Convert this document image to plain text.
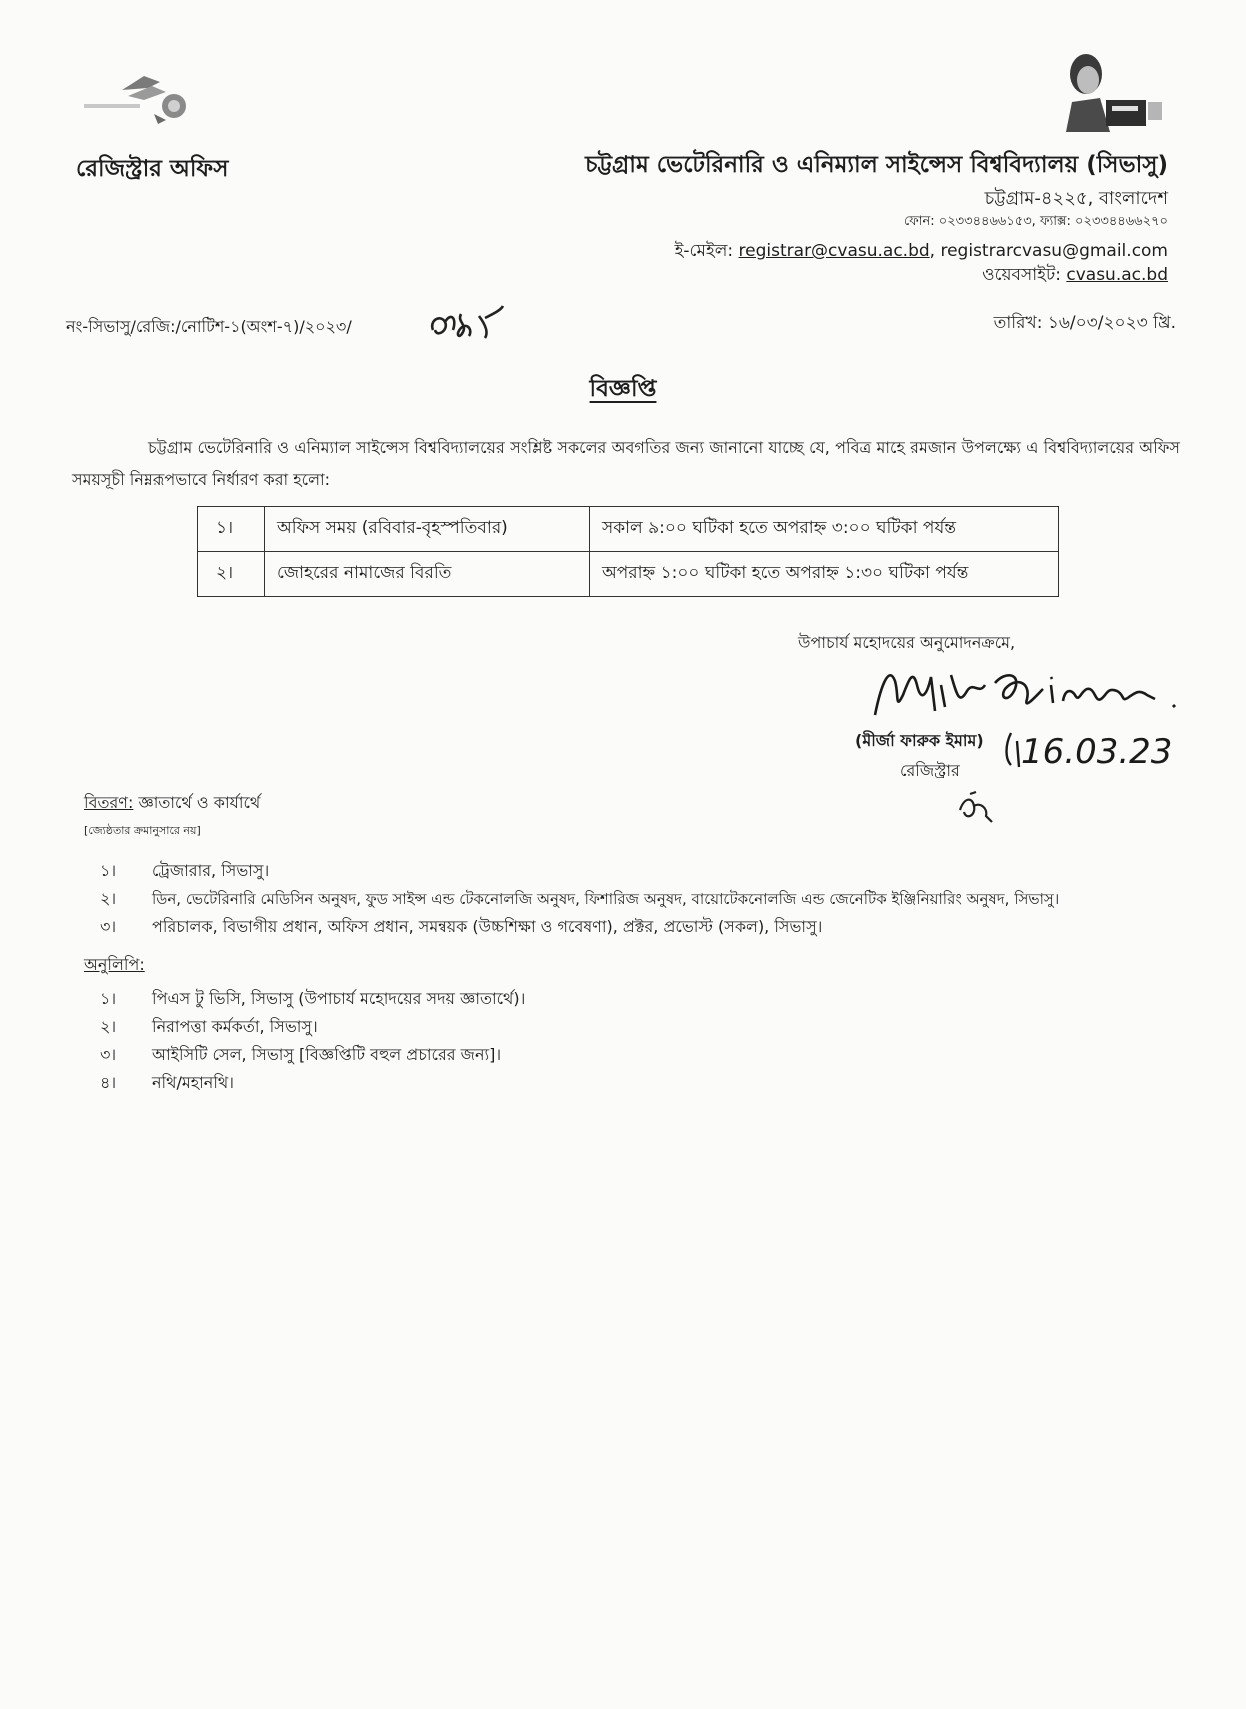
রেজিস্ট্রার অফিস	চট্টগ্রাম ভেটেরিনারি ও এনিম্যাল সাইন্সেস বিশ্ববিদ্যালয় (সিভাসু)
চট্টগ্রাম-৪২২৫, বাংলাদেশ
ফোন: ০২৩৩৪৪৬৬১৫৩, ফ্যাক্স: ০২৩৩৪৪৬৬২৭০
ই-মেইল: registrar@cvasu.ac.bd, registrarcvasu@gmail.com
ওয়েবসাইট: cvasu.ac.bd
নং-সিভাসু/রেজি:/নোটিশ-১(অংশ-৭)/২০২৩/	তারিখ: ১৬/০৩/২০২৩ খ্রি.
বিজ্ঞপ্তি
চট্টগ্রাম ভেটেরিনারি ও এনিম্যাল সাইন্সেস বিশ্ববিদ্যালয়ের সংশ্লিষ্ট সকলের অবগতির জন্য জানানো যাচ্ছে যে, পবিত্র মাহে রমজান উপলক্ষ্যে এ বিশ্ববিদ্যালয়ের অফিস সময়সূচী নিম্নরূপভাবে নির্ধারণ করা হলো:
১।	অফিস সময় (রবিবার-বৃহস্পতিবার)	সকাল ৯:০০ ঘটিকা হতে অপরাহ্ন ৩:০০ ঘটিকা পর্যন্ত
২।	জোহরের নামাজের বিরতি	অপরাহ্ন ১:০০ ঘটিকা হতে অপরাহ্ন ১:৩০ ঘটিকা পর্যন্ত
উপাচার্য মহোদয়ের অনুমোদনক্রমে,
16.03.23
(মীর্জা ফারুক ইমাম)
রেজিস্ট্রার
বিতরণ: জ্ঞাতার্থে ও কার্যার্থে
[জ্যেষ্ঠতার ক্রমানুসারে নয়]
১। ট্রেজারার, সিভাসু।
২। ডিন, ভেটেরিনারি মেডিসিন অনুষদ, ফুড সাইন্স এন্ড টেকনোলজি অনুষদ, ফিশারিজ অনুষদ, বায়োটেকনোলজি এন্ড জেনেটিক ইঞ্জিনিয়ারিং অনুষদ, সিভাসু।
৩। পরিচালক, বিভাগীয় প্রধান, অফিস প্রধান, সমন্বয়ক (উচ্চশিক্ষা ও গবেষণা), প্রক্টর, প্রভোস্ট (সকল), সিভাসু।
অনুলিপি:
১। পিএস টু ভিসি, সিভাসু (উপাচার্য মহোদয়ের সদয় জ্ঞাতার্থে)।
২। নিরাপত্তা কর্মকর্তা, সিভাসু।
৩। আইসিটি সেল, সিভাসু [বিজ্ঞপ্তিটি বহুল প্রচারের জন্য]।
৪। নথি/মহানথি।
